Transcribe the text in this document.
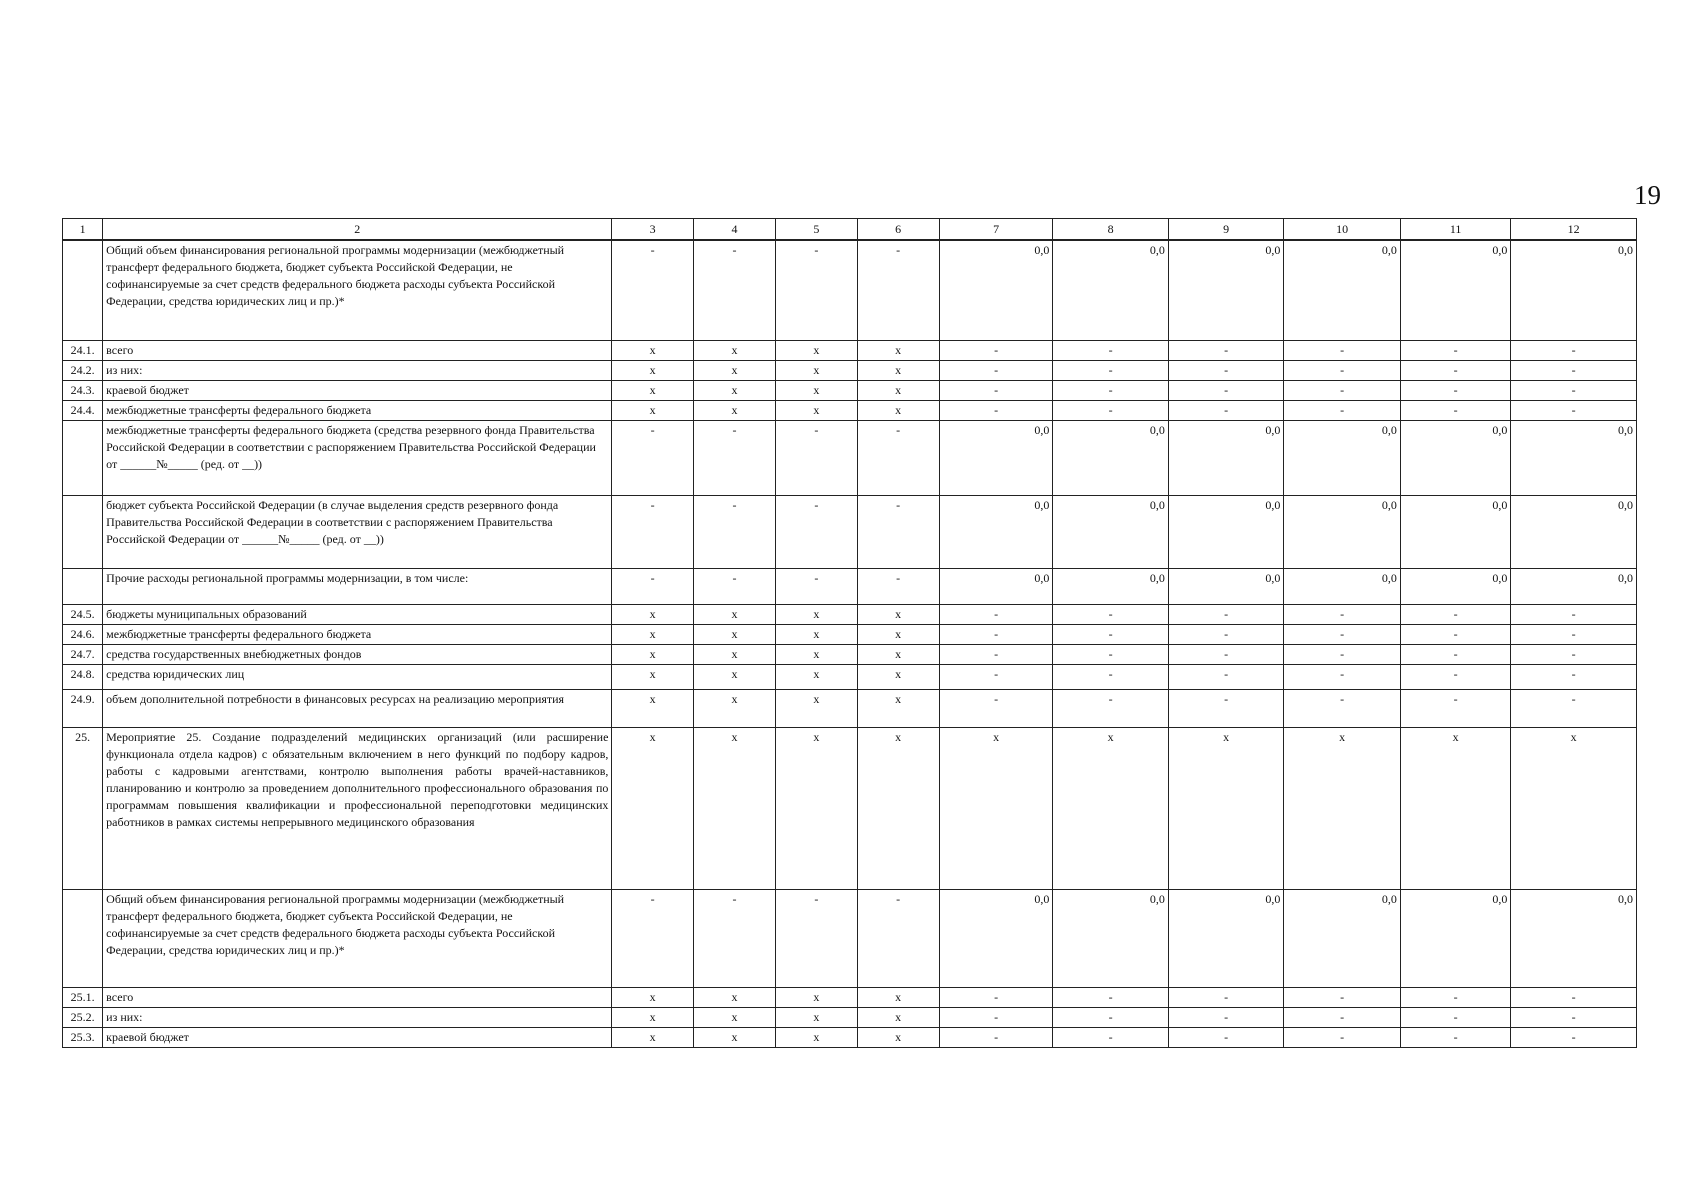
19
1	2	3	4	5	6	7	8	9	10	11	12
	Общий объем финансирования региональной программы модернизации (межбюджетный трансферт федерального бюджета, бюджет субъекта Российской Федерации, не софинансируемые за счет средств федерального бюджета расходы субъекта Российской Федерации, средства юридических лиц и пр.)*	-	-	-	-	0,0	0,0	0,0	0,0	0,0	0,0
24.1.	всего	x	x	x	x	-	-	-	-	-	-
24.2.	из них:	x	x	x	x	-	-	-	-	-	-
24.3.	краевой бюджет	x	x	x	x	-	-	-	-	-	-
24.4.	межбюджетные трансферты федерального бюджета	x	x	x	x	-	-	-	-	-	-
	межбюджетные трансферты федерального бюджета (средства резервного фонда Правительства Российской Федерации в соответствии с распоряжением Правительства Российской Федерации от ______№_____ (ред. от __))	-	-	-	-	0,0	0,0	0,0	0,0	0,0	0,0
	бюджет субъекта Российской Федерации (в случае выделения средств резервного фонда Правительства Российской Федерации в соответствии с распоряжением Правительства Российской Федерации от ______№_____ (ред. от __))	-	-	-	-	0,0	0,0	0,0	0,0	0,0	0,0
	Прочие расходы региональной программы модернизации, в том числе:	-	-	-	-	0,0	0,0	0,0	0,0	0,0	0,0
24.5.	бюджеты муниципальных образований	x	x	x	x	-	-	-	-	-	-
24.6.	межбюджетные трансферты федерального бюджета	x	x	x	x	-	-	-	-	-	-
24.7.	средства государственных внебюджетных фондов	x	x	x	x	-	-	-	-	-	-
24.8.	средства юридических лиц	x	x	x	x	-	-	-	-	-	-
24.9.	объем дополнительной потребности в финансовых ресурсах на реализацию мероприятия	x	x	x	x	-	-	-	-	-	-
25.	Мероприятие 25. Создание подразделений медицинских организаций (или расширение функционала отдела кадров) с обязательным включением в него функций по подбору кадров, работы с кадровыми агентствами, контролю выполнения работы врачей-наставников, планированию и контролю за проведением дополнительного профессионального образования по программам повышения квалификации и профессиональной переподготовки медицинских работников в рамках системы непрерывного медицинского образования	x	x	x	x	x	x	x	x	x	x
	Общий объем финансирования региональной программы модернизации (межбюджетный трансферт федерального бюджета, бюджет субъекта Российской Федерации, не софинансируемые за счет средств федерального бюджета расходы субъекта Российской Федерации, средства юридических лиц и пр.)*	-	-	-	-	0,0	0,0	0,0	0,0	0,0	0,0
25.1.	всего	x	x	x	x	-	-	-	-	-	-
25.2.	из них:	x	x	x	x	-	-	-	-	-	-
25.3.	краевой бюджет	x	x	x	x	-	-	-	-	-	-
